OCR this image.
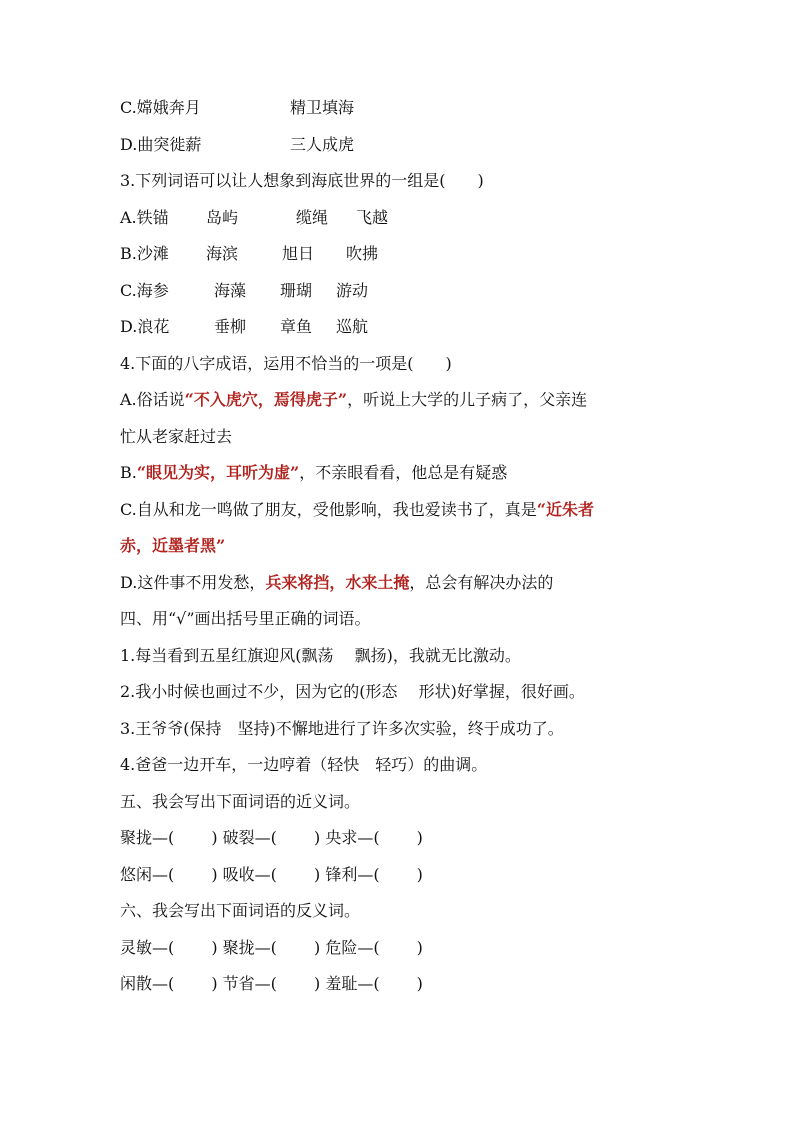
C.嫦娥奔月	精卫填海
D.曲突徙薪	三人成虎
3.下列词语可以让人想象到海底世界的一组是(　　)
A.铁锚 岛屿	缆绳 飞越
B.沙滩 海滨	旭日 吹拂
C.海参	海藻 珊瑚 游动
D.浪花	垂柳 章鱼 巡航
4.下面的八字成语，运用不恰当的一项是(　　)
A.俗话说“不入虎穴，焉得虎子”，听说上大学的儿子病了，父亲连
忙从老家赶过去
B.“眼见为实，耳听为虚”，不亲眼看看，他总是有疑惑
C.自从和龙一鸣做了朋友，受他影响，我也爱读书了，真是“近朱者
赤，近墨者黑”
D.这件事不用发愁，兵来将挡，水来土掩，总会有解决办法的
四、用“√”画出括号里正确的词语。
1.每当看到五星红旗迎风(飘荡　 飘扬)，我就无比激动。
2.我小时候也画过不少，因为它的(形态　 形状)好掌握，很好画。
3.王爷爷(保持　坚持)不懈地进行了许多次实验，终于成功了。
4.爸爸一边开车，一边哼着（轻快　轻巧）的曲调。
五、我会写出下面词语的近义词。
聚拢—(　　 ) 破裂—(　　 ) 央求—(　　 )
悠闲—(　　 ) 吸收—(　　 ) 锋利—(　　 )
六、我会写出下面词语的反义词。
灵敏—(　　 ) 聚拢—(　　 ) 危险—(　　 )
闲散—(　　 ) 节省—(　　 ) 羞耻—(　　 )
